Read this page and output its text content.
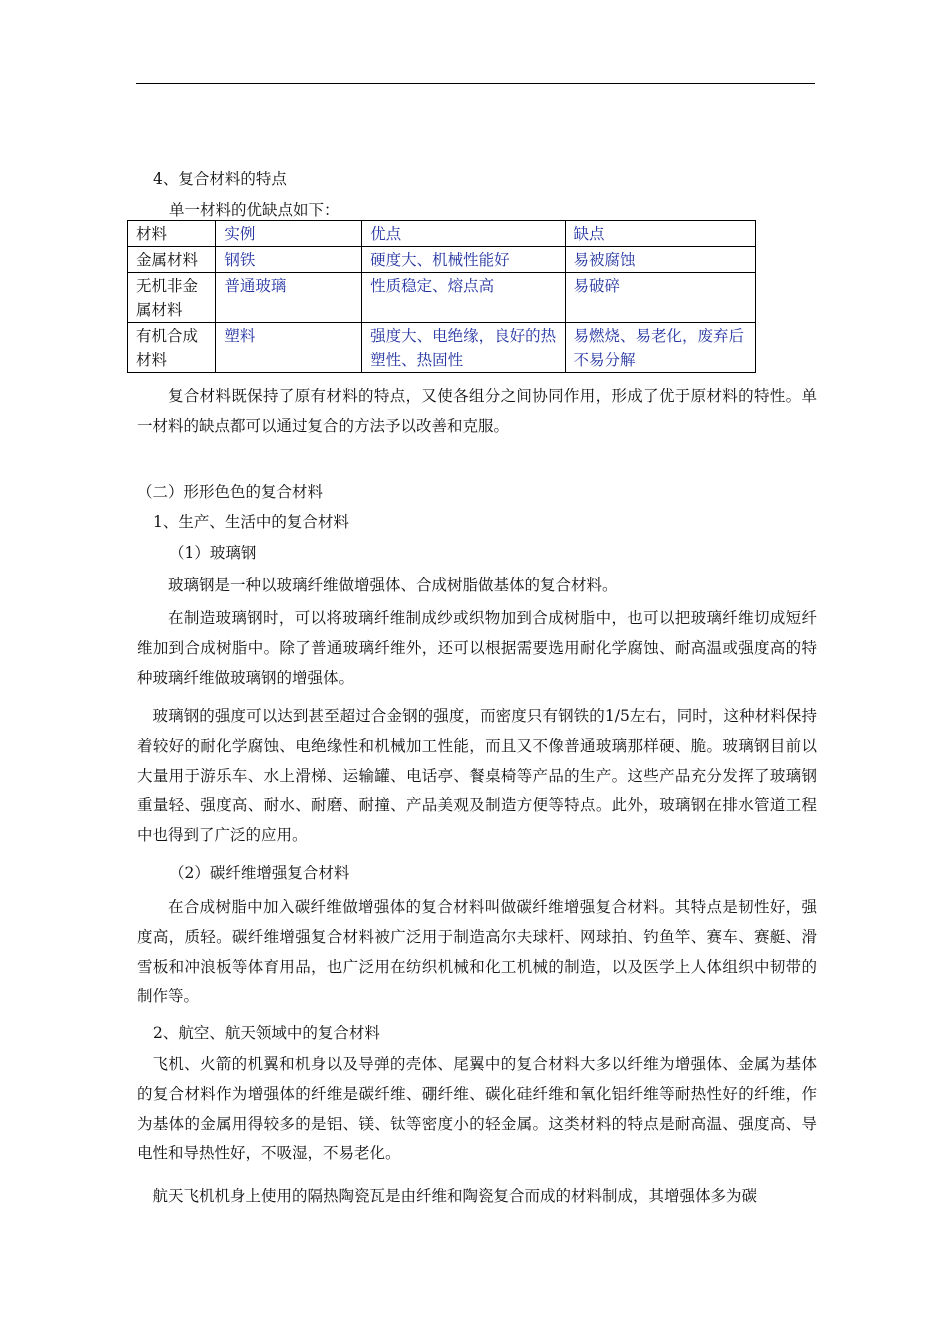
4、复合材料的特点
单一材料的优缺点如下：
材料	实例	优点	缺点
金属材料	钢铁	硬度大、机械性能好	易被腐蚀
无机非金属材料	普通玻璃	性质稳定、熔点高	易破碎
有机合成材料	塑料	强度大、电绝缘，良好的热塑性、热固性	易燃烧、易老化，废弃后不易分解
复合材料既保持了原有材料的特点，又使各组分之间协同作用，形成了优于原材料的特性。单一材料的缺点都可以通过复合的方法予以改善和克服。
（二）形形色色的复合材料
1、生产、生活中的复合材料
（1）玻璃钢
玻璃钢是一种以玻璃纤维做增强体、合成树脂做基体的复合材料。
在制造玻璃钢时，可以将玻璃纤维制成纱或织物加到合成树脂中，也可以把玻璃纤维切成短纤维加到合成树脂中。除了普通玻璃纤维外，还可以根据需要选用耐化学腐蚀、耐高温或强度高的特种玻璃纤维做玻璃钢的增强体。
玻璃钢的强度可以达到甚至超过合金钢的强度，而密度只有钢铁的1/5左右，同时，这种材料保持着较好的耐化学腐蚀、电绝缘性和机械加工性能，而且又不像普通玻璃那样硬、脆。玻璃钢目前以大量用于游乐车、水上滑梯、运输罐、电话亭、餐桌椅等产品的生产。这些产品充分发挥了玻璃钢重量轻、强度高、耐水、耐磨、耐撞、产品美观及制造方便等特点。此外，玻璃钢在排水管道工程中也得到了广泛的应用。
（2）碳纤维增强复合材料
在合成树脂中加入碳纤维做增强体的复合材料叫做碳纤维增强复合材料。其特点是韧性好，强度高，质轻。碳纤维增强复合材料被广泛用于制造高尔夫球杆、网球拍、钓鱼竿、赛车、赛艇、滑雪板和冲浪板等体育用品，也广泛用在纺织机械和化工机械的制造，以及医学上人体组织中韧带的制作等。
2、航空、航天领域中的复合材料
飞机、火箭的机翼和机身以及导弹的壳体、尾翼中的复合材料大多以纤维为增强体、金属为基体的复合材料作为增强体的纤维是碳纤维、硼纤维、碳化硅纤维和氧化铝纤维等耐热性好的纤维，作为基体的金属用得较多的是铝、镁、钛等密度小的轻金属。这类材料的特点是耐高温、强度高、导电性和导热性好，不吸湿，不易老化。
航天飞机机身上使用的隔热陶瓷瓦是由纤维和陶瓷复合而成的材料制成，其增强体多为碳
